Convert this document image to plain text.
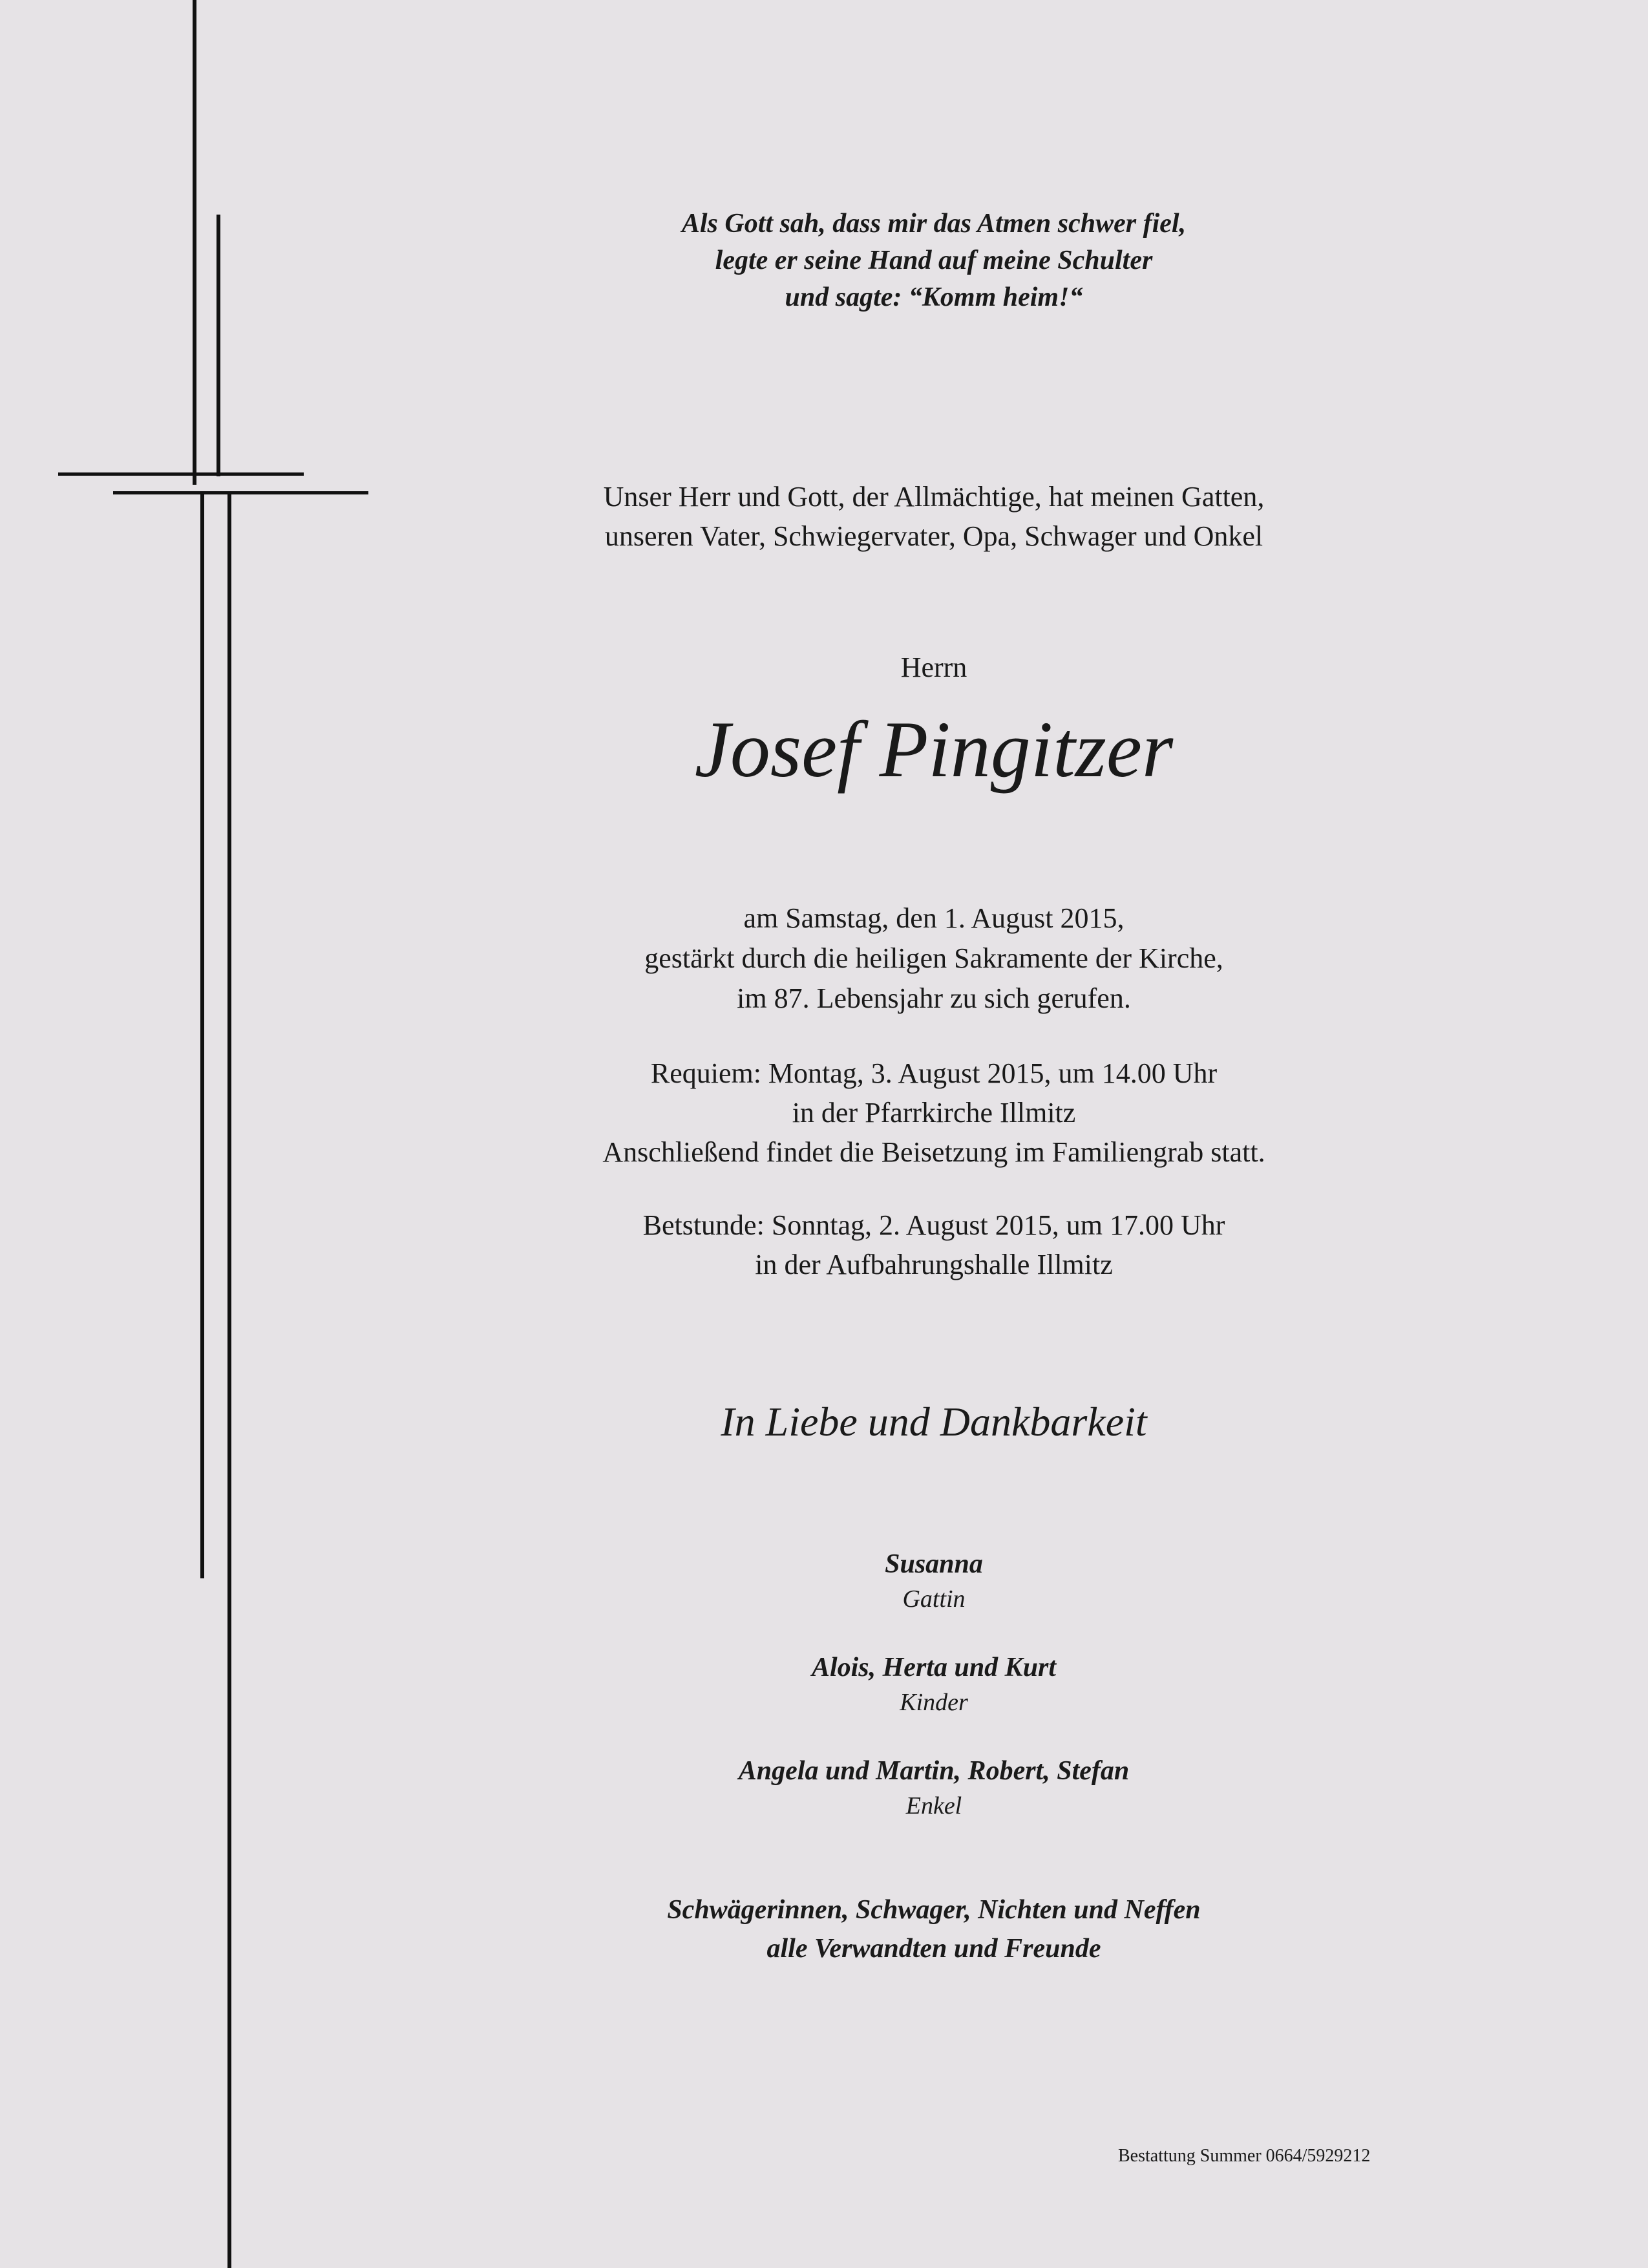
Als Gott sah, dass mir das Atmen schwer fiel,
legte er seine Hand auf meine Schulter
und sagte: “Komm heim!“
Unser Herr und Gott, der Allmächtige, hat meinen Gatten,
unseren Vater, Schwiegervater, Opa, Schwager und Onkel
Herrn
Josef Pingitzer
am Samstag, den 1. August 2015,
gestärkt durch die heiligen Sakramente der Kirche,
im 87. Lebensjahr zu sich gerufen.
Requiem: Montag, 3. August 2015, um 14.00 Uhr
in der Pfarrkirche Illmitz
Anschließend findet die Beisetzung im Familiengrab statt.
Betstunde: Sonntag, 2. August 2015, um 17.00 Uhr
in der Aufbahrungshalle Illmitz
In Liebe und Dankbarkeit
Susanna
Gattin
Alois, Herta und Kurt
Kinder
Angela und Martin, Robert, Stefan
Enkel
Schwägerinnen, Schwager, Nichten und Neffen
alle Verwandten und Freunde
Bestattung Summer 0664/5929212
